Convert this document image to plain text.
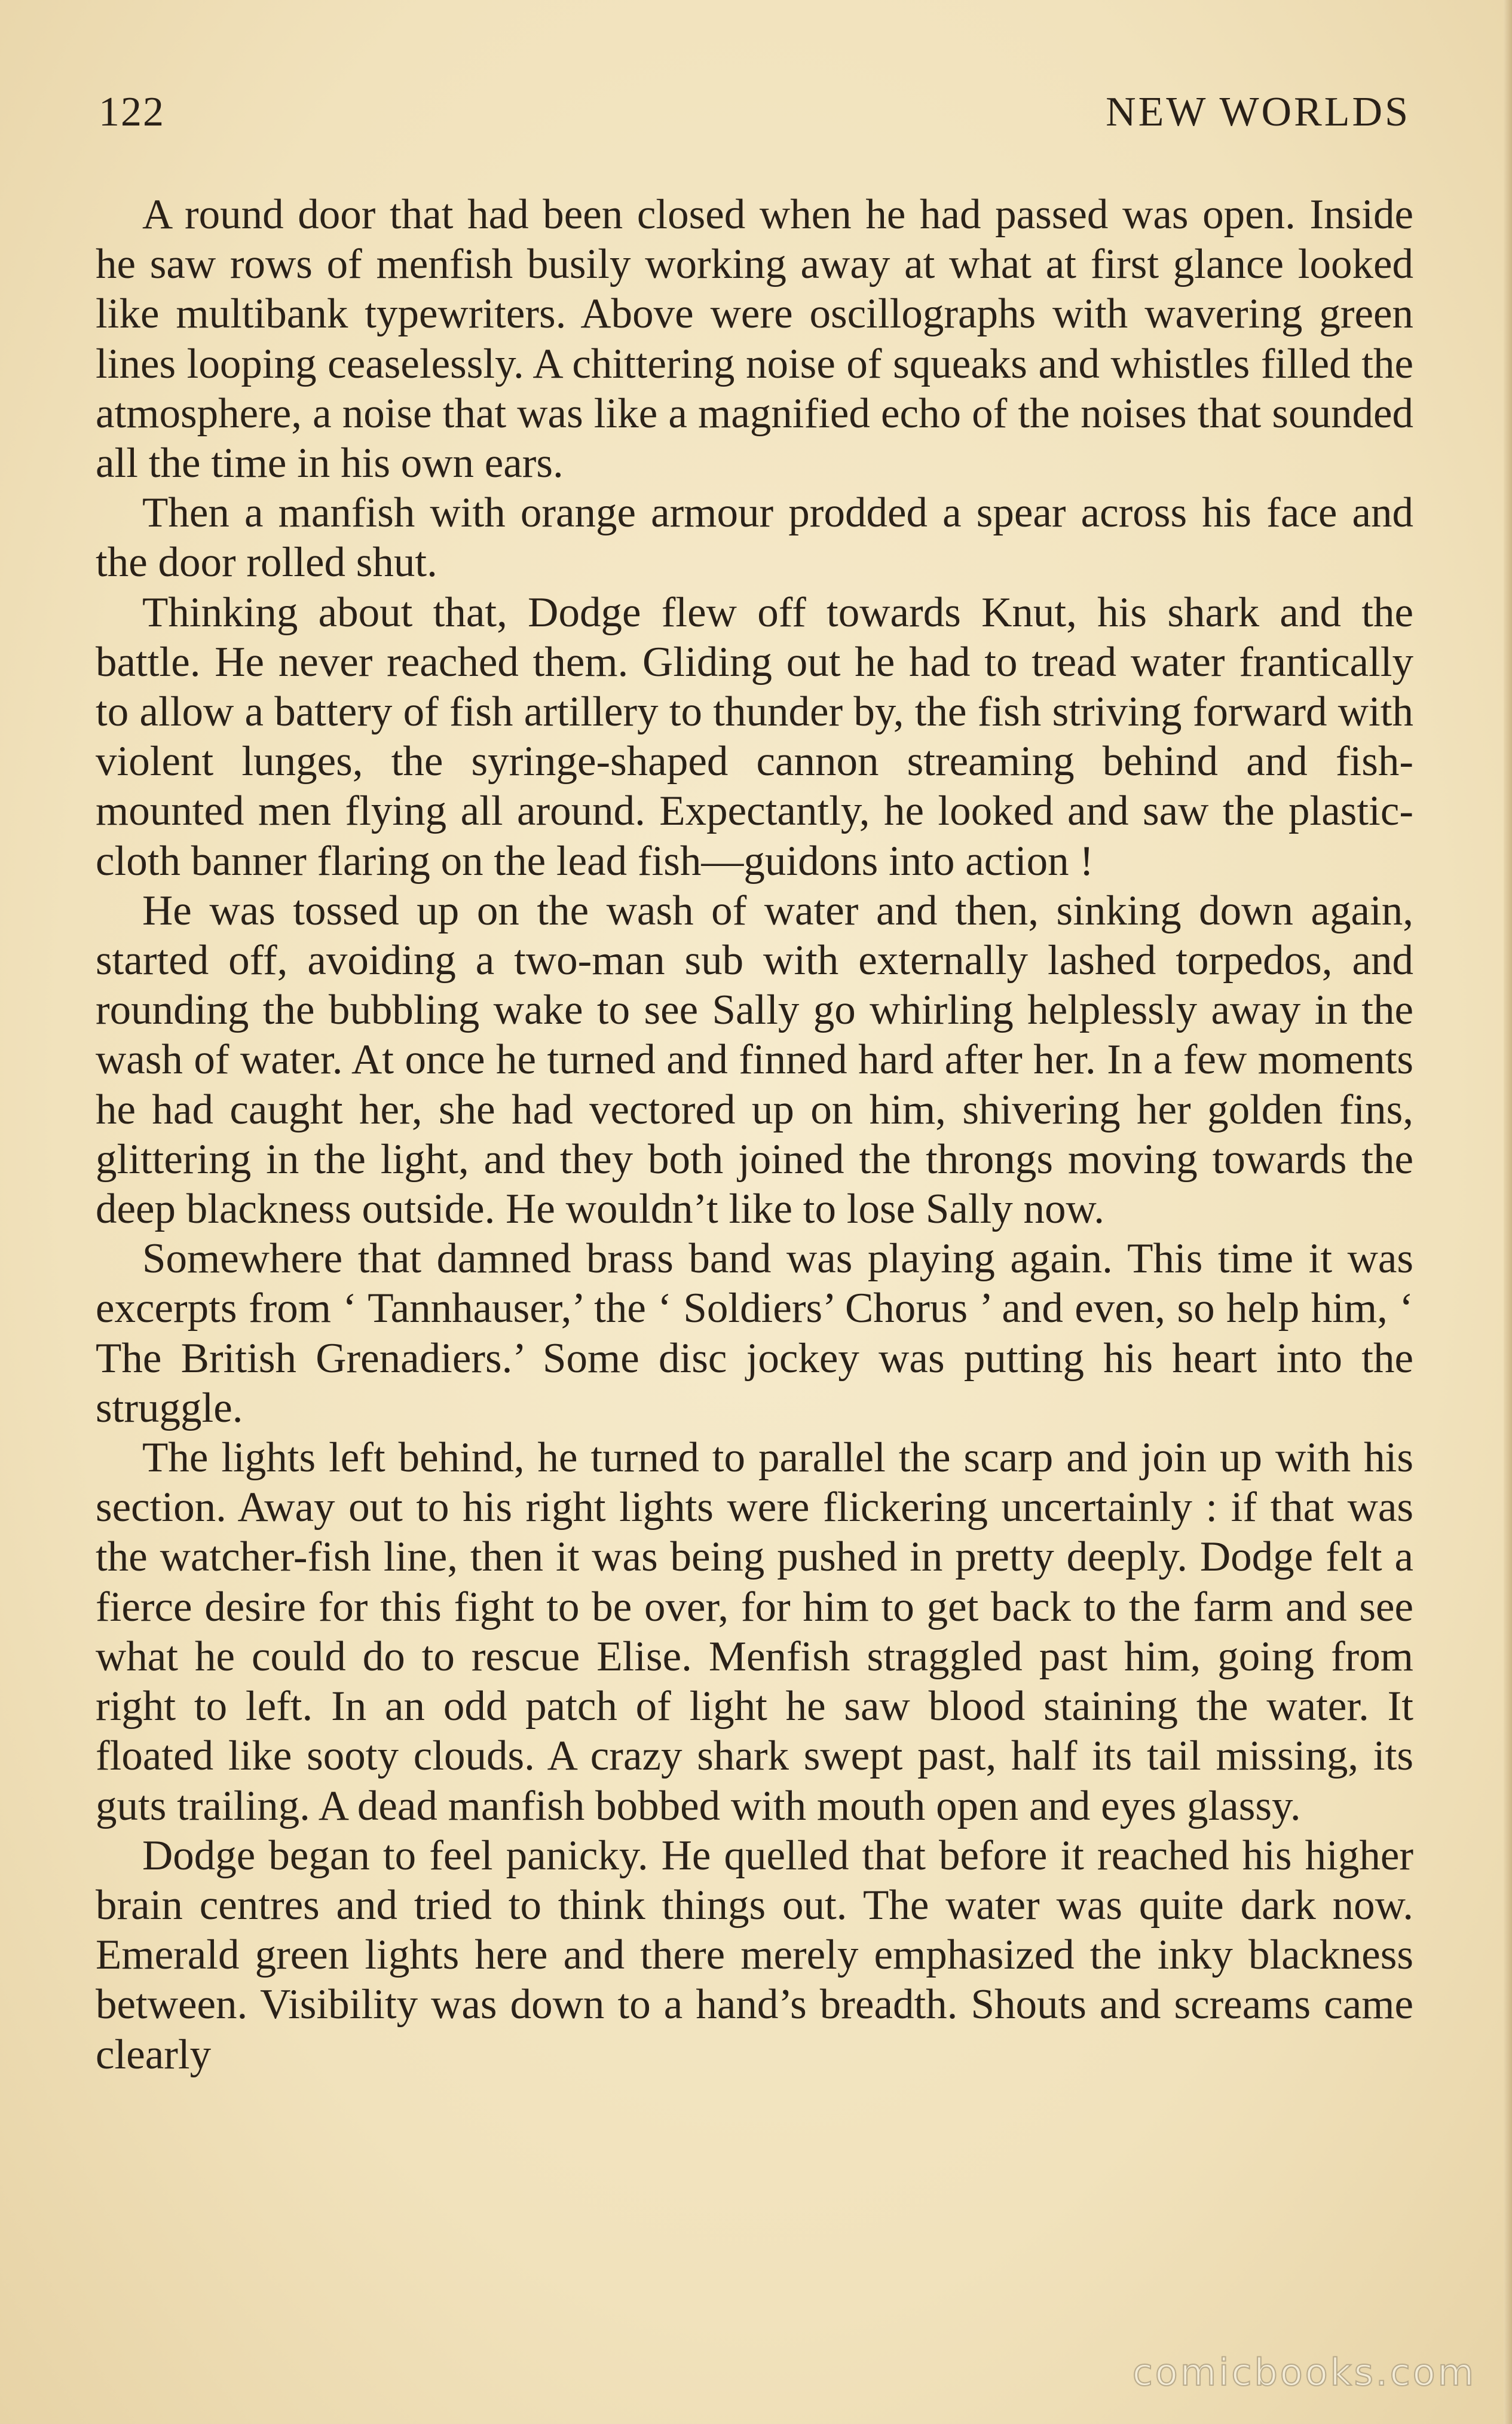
122	NEW WORLDS

A round door that had been closed when he had passed was open. Inside he saw rows of menfish busily working away at what at first glance looked like multibank typewriters. Above were oscillographs with wavering green lines looping ceaselessly. A chittering noise of squeaks and whistles filled the atmosphere, a noise that was like a magnified echo of the noises that sounded all the time in his own ears.

Then a manfish with orange armour prodded a spear across his face and the door rolled shut.

Thinking about that, Dodge flew off towards Knut, his shark and the battle. He never reached them. Gliding out he had to tread water frantically to allow a battery of fish artillery to thunder by, the fish striving forward with violent lunges, the syringe-shaped cannon streaming behind and fish-mounted men flying all around. Expectantly, he looked and saw the plastic-cloth banner flaring on the lead fish—guidons into action !

He was tossed up on the wash of water and then, sinking down again, started off, avoiding a two-man sub with externally lashed torpedos, and rounding the bubbling wake to see Sally go whirling helplessly away in the wash of water. At once he turned and finned hard after her. In a few moments he had caught her, she had vectored up on him, shivering her golden fins, glittering in the light, and they both joined the throngs moving towards the deep blackness outside. He wouldn’t like to lose Sally now.

Somewhere that damned brass band was playing again. This time it was excerpts from ‘ Tannhauser,’ the ‘ Soldiers’ Chorus ’ and even, so help him, ‘ The British Grenadiers.’ Some disc jockey was putting his heart into the struggle.

The lights left behind, he turned to parallel the scarp and join up with his section. Away out to his right lights were flickering uncertainly : if that was the watcher-fish line, then it was being pushed in pretty deeply. Dodge felt a fierce desire for this fight to be over, for him to get back to the farm and see what he could do to rescue Elise. Menfish straggled past him, going from right to left. In an odd patch of light he saw blood staining the water. It floated like sooty clouds. A crazy shark swept past, half its tail missing, its guts trailing. A dead manfish bobbed with mouth open and eyes glassy.

Dodge began to feel panicky. He quelled that before it reached his higher brain centres and tried to think things out. The water was quite dark now. Emerald green lights here and there merely emphasized the inky blackness between. Visibility was down to a hand’s breadth. Shouts and screams came clearly

comicbooks.com
